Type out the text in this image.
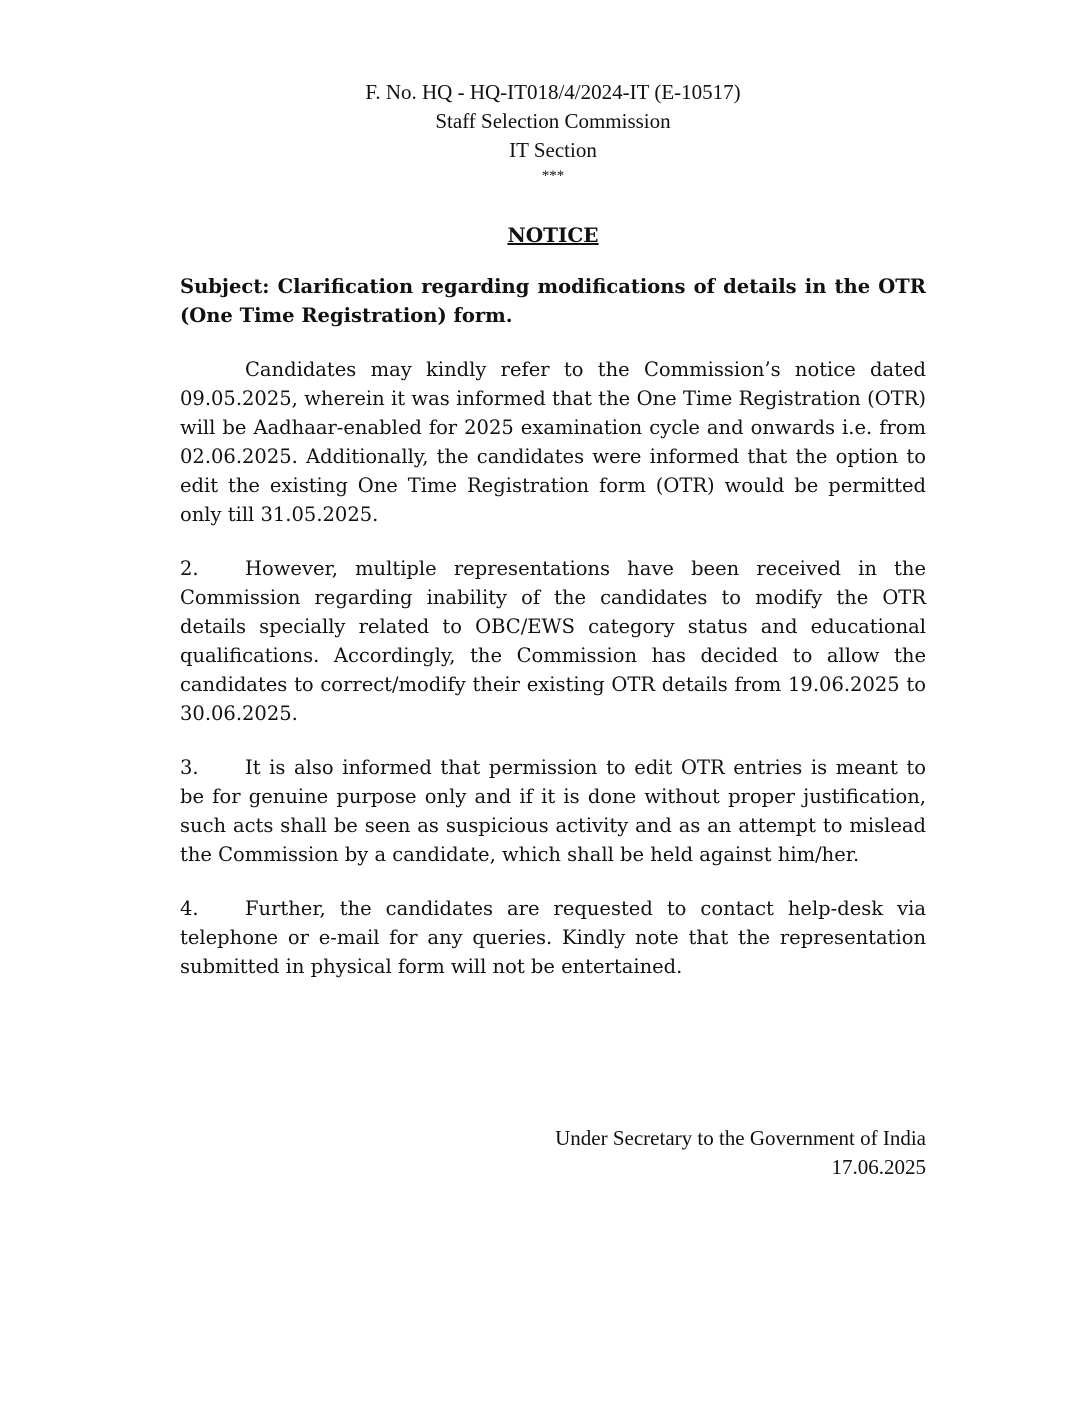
F. No. HQ - HQ-IT018/4/2024-IT (E-10517)
Staff Selection Commission
IT Section
***
NOTICE
Subject: Clarification regarding modifications of details in the OTR (One Time Registration) form.
Candidates may kindly refer to the Commission’s notice dated 09.05.2025, wherein it was informed that the One Time Registration (OTR) will be Aadhaar-enabled for 2025 examination cycle and onwards i.e. from 02.06.2025. Additionally, the candidates were informed that the option to edit the existing One Time Registration form (OTR) would be permitted only till 31.05.2025.
2. However, multiple representations have been received in the Commission regarding inability of the candidates to modify the OTR details specially related to OBC/EWS category status and educational qualifications. Accordingly, the Commission has decided to allow the candidates to correct/modify their existing OTR details from 19.06.2025 to 30.06.2025.
3. It is also informed that permission to edit OTR entries is meant to be for genuine purpose only and if it is done without proper justification, such acts shall be seen as suspicious activity and as an attempt to mislead the Commission by a candidate, which shall be held against him/her.
4. Further, the candidates are requested to contact help-desk via telephone or e-mail for any queries. Kindly note that the representation submitted in physical form will not be entertained.
Under Secretary to the Government of India
17.06.2025
